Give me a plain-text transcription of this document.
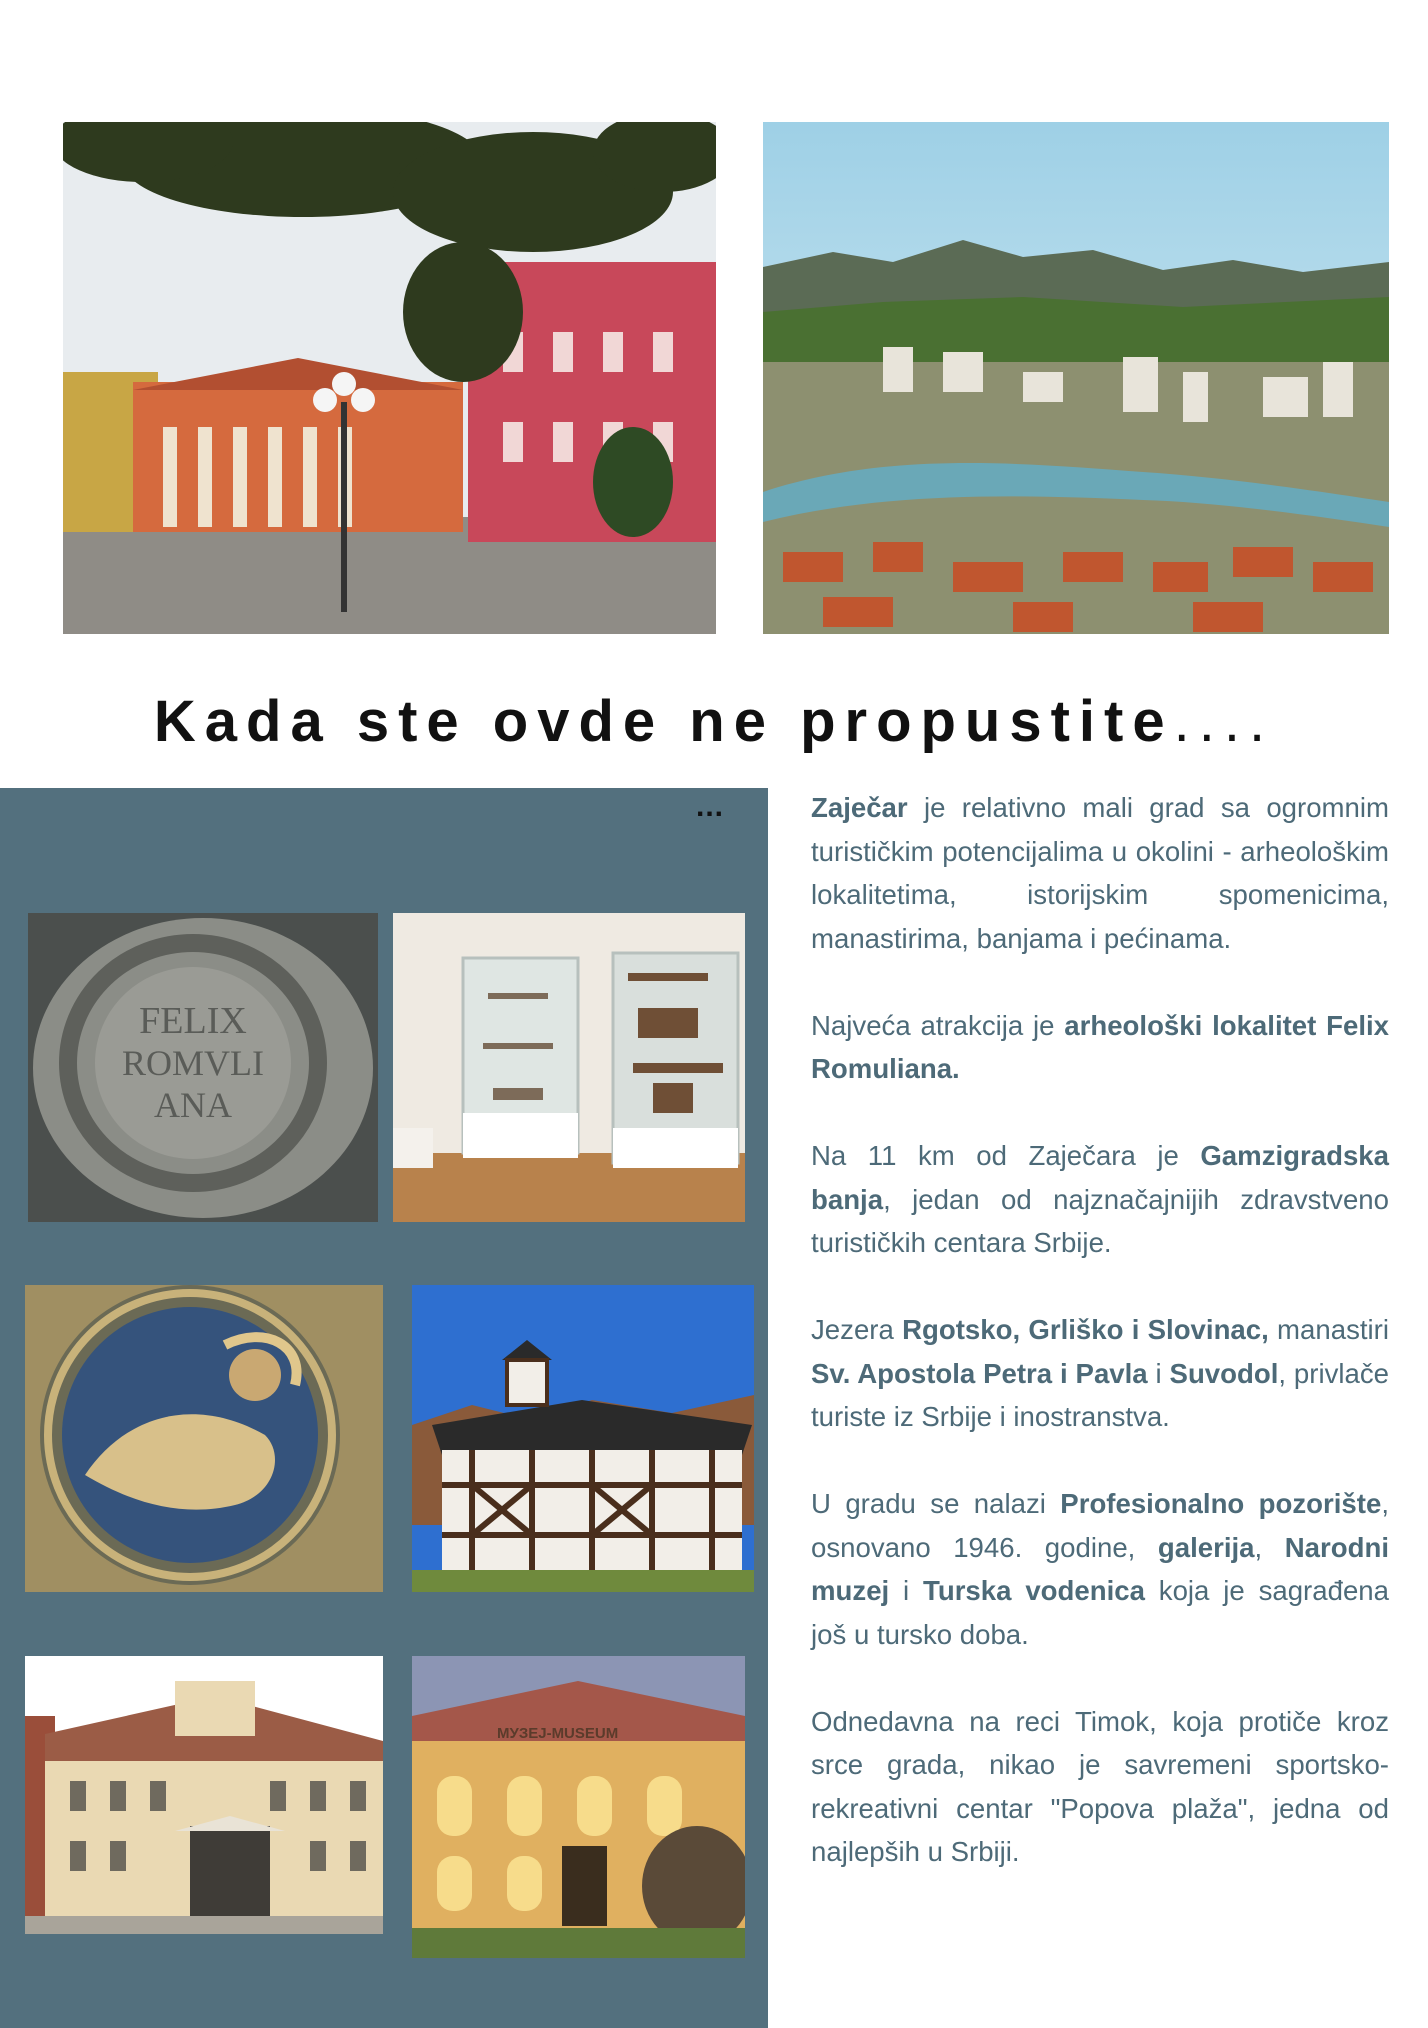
Kada ste ovde ne propustite....
...
FELIX
ROMVLI
ANA
МУЗЕЈ-MUSEUM

Zaječar je relativno mali grad sa ogromnim turističkim potencijalima u okolini - arheološkim lokalitetima, istorijskim spomenicima, manastirima, banjama i pećinama.

Najveća atrakcija je arheološki lokalitet Felix Romuliana.

Na 11 km od Zaječara je Gamzigradska banja, jedan od najznačajnijih zdravstveno turističkih centara Srbije.

Jezera Rgotsko, Grliško i Slovinac, manastiri Sv. Apostola Petra i Pavla i Suvodol, privlače turiste iz Srbije i inostranstva.

U gradu se nalazi Profesionalno pozorište, osnovano 1946. godine, galerija, Narodni muzej i Turska vodenica koja je sagrađena još u tursko doba.

Odnedavna na reci Timok, koja protiče kroz srce grada, nikao je savremeni sportsko-rekreativni centar "Popova plaža", jedna od najlepših u Srbiji.
